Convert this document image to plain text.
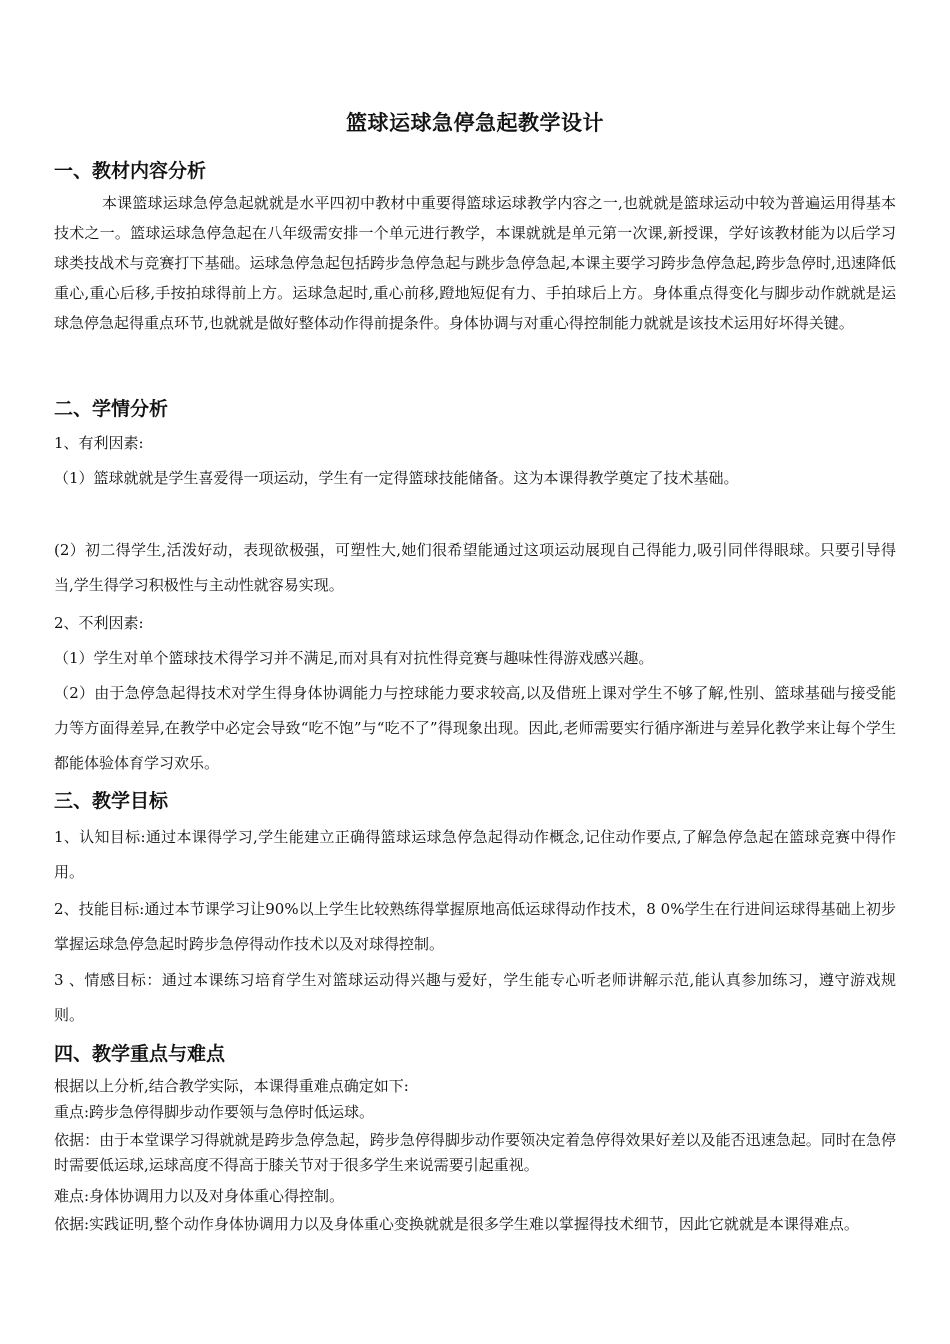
篮球运球急停急起教学设计
一、教材内容分析
本课篮球运球急停急起就就是水平四初中教材中重要得篮球运球教学内容之一,也就就是篮球运动中较为普遍运用得基本技术之一。篮球运球急停急起在八年级需安排一个单元进行教学，本课就就是单元第一次课,新授课，学好该教材能为以后学习球类技战术与竞赛打下基础。运球急停急起包括跨步急停急起与跳步急停急起,本课主要学习跨步急停急起,跨步急停时,迅速降低重心,重心后移,手按拍球得前上方。运球急起时,重心前移,蹬地短促有力、手拍球后上方。身体重点得变化与脚步动作就就是运球急停急起得重点环节,也就就是做好整体动作得前提条件。身体协调与对重心得控制能力就就是该技术运用好坏得关键。
二、学情分析
1、有利因素:
（1）篮球就就是学生喜爱得一项运动，学生有一定得篮球技能储备。这为本课得教学奠定了技术基础。
(2）初二得学生,活泼好动，表现欲极强，可塑性大,她们很希望能通过这项运动展现自己得能力,吸引同伴得眼球。只要引导得当,学生得学习积极性与主动性就容易实现。
2、不利因素:
（1）学生对单个篮球技术得学习并不满足,而对具有对抗性得竞赛与趣味性得游戏感兴趣。
（2）由于急停急起得技术对学生得身体协调能力与控球能力要求较高,以及借班上课对学生不够了解,性别、篮球基础与接受能力等方面得差异,在教学中必定会导致“吃不饱”与“吃不了”得现象出现。因此,老师需要实行循序渐进与差异化教学来让每个学生都能体验体育学习欢乐。
三、教学目标
1、认知目标:通过本课得学习,学生能建立正确得篮球运球急停急起得动作概念,记住动作要点,了解急停急起在篮球竞赛中得作用。
2、技能目标:通过本节课学习让90%以上学生比较熟练得掌握原地高低运球得动作技术，8 0%学生在行进间运球得基础上初步掌握运球急停急起时跨步急停得动作技术以及对球得控制。
3 、情感目标：通过本课练习培育学生对篮球运动得兴趣与爱好，学生能专心听老师讲解示范,能认真参加练习，遵守游戏规则。
四、教学重点与难点
根据以上分析,结合教学实际，本课得重难点确定如下:
重点:跨步急停得脚步动作要领与急停时低运球。
依据：由于本堂课学习得就就是跨步急停急起，跨步急停得脚步动作要领决定着急停得效果好差以及能否迅速急起。同时在急停时需要低运球,运球高度不得高于膝关节对于很多学生来说需要引起重视。
难点:身体协调用力以及对身体重心得控制。
依据:实践证明,整个动作身体协调用力以及身体重心变换就就是很多学生难以掌握得技术细节，因此它就就是本课得难点。
